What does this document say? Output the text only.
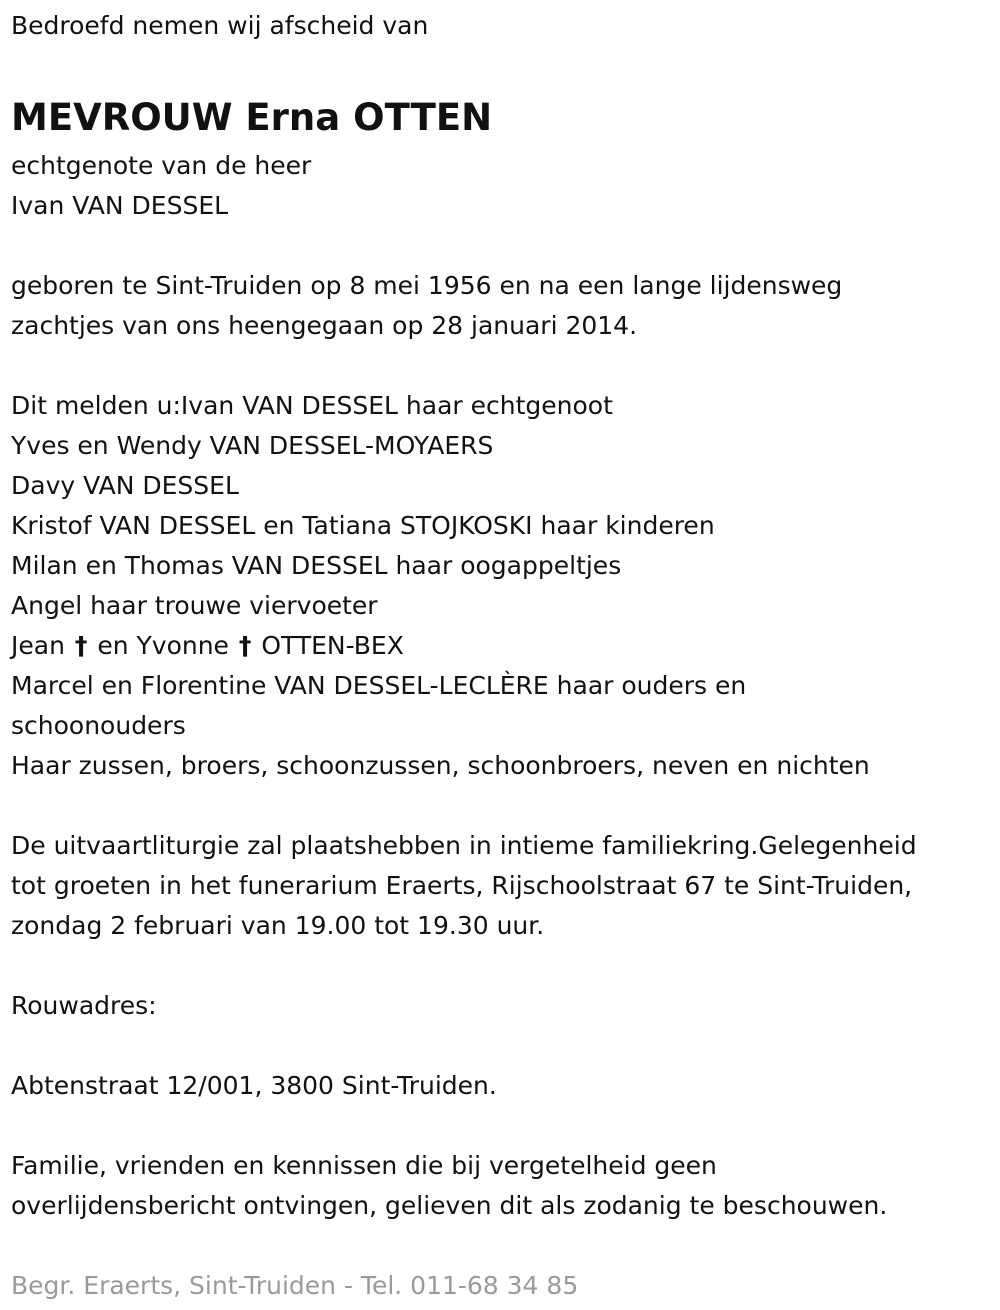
Bedroefd nemen wij afscheid van
MEVROUW Erna OTTEN
echtgenote van de heer
Ivan VAN DESSEL
geboren te Sint-Truiden op 8 mei 1956 en na een lange lijdensweg
zachtjes van ons heengegaan op 28 januari 2014.
Dit melden u:Ivan VAN DESSEL haar echtgenoot
Yves en Wendy VAN DESSEL-MOYAERS
Davy VAN DESSEL
Kristof VAN DESSEL en Tatiana STOJKOSKI haar kinderen
Milan en Thomas VAN DESSEL haar oogappeltjes
Angel haar trouwe viervoeter
Jean † en Yvonne † OTTEN-BEX
Marcel en Florentine VAN DESSEL-LECLÈRE haar ouders en
schoonouders
Haar zussen, broers, schoonzussen, schoonbroers, neven en nichten
De uitvaartliturgie zal plaatshebben in intieme familiekring.Gelegenheid
tot groeten in het funerarium Eraerts, Rijschoolstraat 67 te Sint-Truiden,
zondag 2 februari van 19.00 tot 19.30 uur.
Rouwadres:
Abtenstraat 12/001, 3800 Sint-Truiden.
Familie, vrienden en kennissen die bij vergetelheid geen
overlijdensbericht ontvingen, gelieven dit als zodanig te beschouwen.
Begr. Eraerts, Sint-Truiden - Tel. 011-68 34 85
